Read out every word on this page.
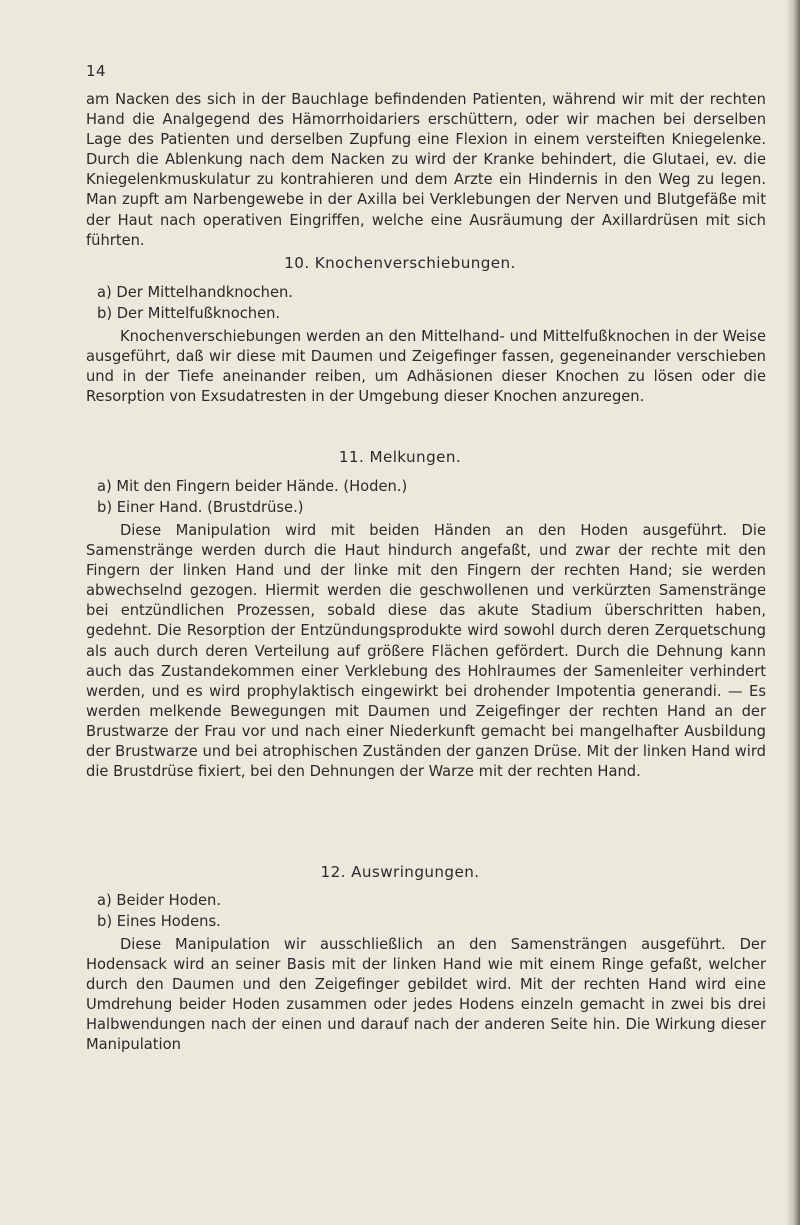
14

am Nacken des sich in der Bauchlage befindenden Patienten, während wir mit der rechten Hand die Analgegend des Hämorrhoidariers erschüttern, oder wir machen bei derselben Lage des Patienten und derselben Zupfung eine Flexion in einem versteiften Kniegelenke. Durch die Ablenkung nach dem Nacken zu wird der Kranke behindert, die Glutaei, ev. die Kniegelenkmuskulatur zu kontrahieren und dem Arzte ein Hindernis in den Weg zu legen. Man zupft am Narbengewebe in der Axilla bei Verklebungen der Nerven und Blutgefäße mit der Haut nach operativen Eingriffen, welche eine Ausräumung der Axillardrüsen mit sich führten.

10. Knochenverschiebungen.
a) Der Mittelhandknochen.
b) Der Mittelfußknochen.

Knochenverschiebungen werden an den Mittelhand- und Mittelfußknochen in der Weise ausgeführt, daß wir diese mit Daumen und Zeigefinger fassen, gegeneinander verschieben und in der Tiefe aneinander reiben, um Adhäsionen dieser Knochen zu lösen oder die Resorption von Exsudatresten in der Umgebung dieser Knochen anzuregen.

11. Melkungen.
a) Mit den Fingern beider Hände. (Hoden.)
b) Einer Hand. (Brustdrüse.)

Diese Manipulation wird mit beiden Händen an den Hoden ausgeführt. Die Samenstränge werden durch die Haut hindurch angefaßt, und zwar der rechte mit den Fingern der linken Hand und der linke mit den Fingern der rechten Hand; sie werden abwechselnd gezogen. Hiermit werden die geschwollenen und verkürzten Samenstränge bei entzündlichen Prozessen, sobald diese das akute Stadium überschritten haben, gedehnt. Die Resorption der Entzündungsprodukte wird sowohl durch deren Zerquetschung als auch durch deren Verteilung auf größere Flächen gefördert. Durch die Dehnung kann auch das Zustandekommen einer Verklebung des Hohlraumes der Samenleiter verhindert werden, und es wird prophylaktisch eingewirkt bei drohender Impotentia generandi. — Es werden melkende Bewegungen mit Daumen und Zeigefinger der rechten Hand an der Brustwarze der Frau vor und nach einer Niederkunft gemacht bei mangelhafter Ausbildung der Brustwarze und bei atrophischen Zuständen der ganzen Drüse. Mit der linken Hand wird die Brustdrüse fixiert, bei den Dehnungen der Warze mit der rechten Hand.

12. Auswringungen.
a) Beider Hoden.
b) Eines Hodens.

Diese Manipulation wir ausschließlich an den Samensträngen ausgeführt. Der Hodensack wird an seiner Basis mit der linken Hand wie mit einem Ringe gefaßt, welcher durch den Daumen und den Zeigefinger gebildet wird. Mit der rechten Hand wird eine Umdrehung beider Hoden zusammen oder jedes Hodens einzeln gemacht in zwei bis drei Halbwendungen nach der einen und darauf nach der anderen Seite hin. Die Wirkung dieser Manipulation
